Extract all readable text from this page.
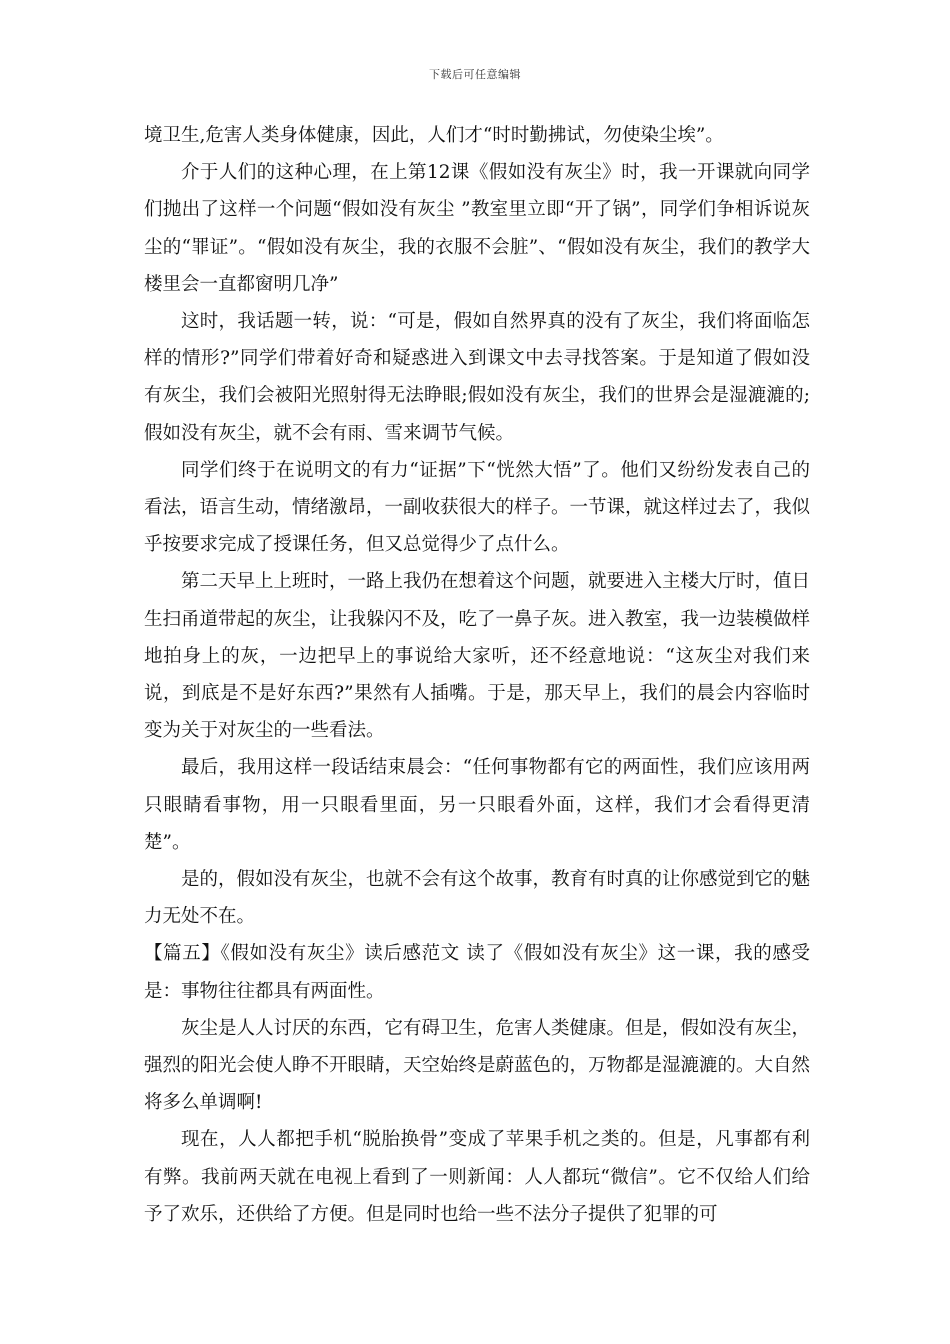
下载后可任意编辑

境卫生,危害人类身体健康，因此，人们才“时时勤拂试，勿使染尘埃”。

介于人们的这种心理，在上第12课《假如没有灰尘》时，我一开课就向同学们抛出了这样一个问题“假如没有灰尘 ”教室里立即“开了锅”，同学们争相诉说灰尘的“罪证”。“假如没有灰尘，我的衣服不会脏”、“假如没有灰尘，我们的教学大楼里会一直都窗明几净”

这时，我话题一转，说：“可是，假如自然界真的没有了灰尘，我们将面临怎样的情形?”同学们带着好奇和疑惑进入到课文中去寻找答案。于是知道了假如没有灰尘，我们会被阳光照射得无法睁眼;假如没有灰尘，我们的世界会是湿漉漉的;假如没有灰尘，就不会有雨、雪来调节气候。

同学们终于在说明文的有力“证据”下“恍然大悟”了。他们又纷纷发表自己的看法，语言生动，情绪激昂，一副收获很大的样子。一节课，就这样过去了，我似乎按要求完成了授课任务，但又总觉得少了点什么。

第二天早上上班时，一路上我仍在想着这个问题，就要进入主楼大厅时，值日生扫甬道带起的灰尘，让我躲闪不及，吃了一鼻子灰。进入教室，我一边装模做样地拍身上的灰，一边把早上的事说给大家听，还不经意地说：“这灰尘对我们来说，到底是不是好东西?”果然有人插嘴。于是，那天早上，我们的晨会内容临时变为关于对灰尘的一些看法。

最后，我用这样一段话结束晨会：“任何事物都有它的两面性，我们应该用两只眼睛看事物，用一只眼看里面，另一只眼看外面，这样，我们才会看得更清楚”。

是的，假如没有灰尘，也就不会有这个故事，教育有时真的让你感觉到它的魅力无处不在。

【篇五】《假如没有灰尘》读后感范文 读了《假如没有灰尘》这一课，我的感受是：事物往往都具有两面性。

灰尘是人人讨厌的东西，它有碍卫生，危害人类健康。但是，假如没有灰尘，强烈的阳光会使人睁不开眼睛，天空始终是蔚蓝色的，万物都是湿漉漉的。大自然将多么单调啊!

现在，人人都把手机“脱胎换骨”变成了苹果手机之类的。但是，凡事都有利有弊。我前两天就在电视上看到了一则新闻：人人都玩“微信”。它不仅给人们给予了欢乐，还供给了方便。但是同时也给一些不法分子提供了犯罪的可
